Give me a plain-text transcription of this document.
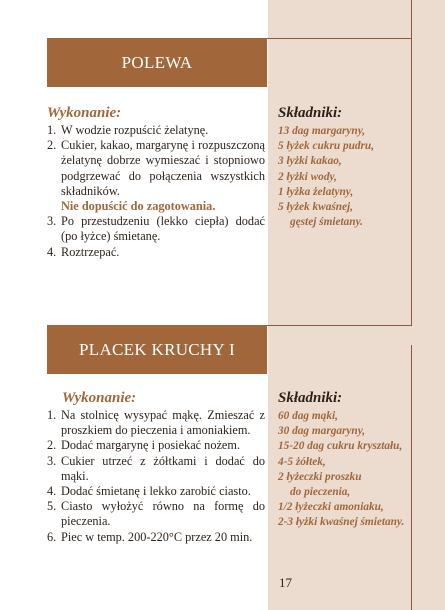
POLEWA
Wykonanie:
1. W wodzie rozpuścić żelatynę.
2. Cukier, kakao, margarynę i rozpuszczoną żelatynę dobrze wymieszać i stopniowo podgrzewać do połączenia wszystkich składników.
Nie dopuścić do zagotowania.
3. Po przestudzeniu (lekko ciepła) dodać (po łyżce) śmietanę.
4. Roztrzepać.
Składniki:
13 dag margaryny,
5 łyżek cukru pudru,
3 łyżki kakao,
2 łyżki wody,
1 łyżka żelatyny,
5 łyżek kwaśnej,
gęstej śmietany.
PLACEK KRUCHY I
Wykonanie:
1. Na stolnicę wysypać mąkę. Zmieszać z proszkiem do pieczenia i amoniakiem.
2. Dodać margarynę i posiekać nożem.
3. Cukier utrzeć z żółtkami i dodać do mąki.
4. Dodać śmietanę i lekko zarobić ciasto.
5. Ciasto wyłożyć równo na formę do pieczenia.
6. Piec w temp. 200-220°C przez 20 min.
Składniki:
60 dag mąki,
30 dag margaryny,
15-20 dag cukru kryształu,
4-5 żółtek,
2 łyżeczki proszku
do pieczenia,
1/2 łyżeczki amoniaku,
2-3 łyżki kwaśnej śmietany.
17
